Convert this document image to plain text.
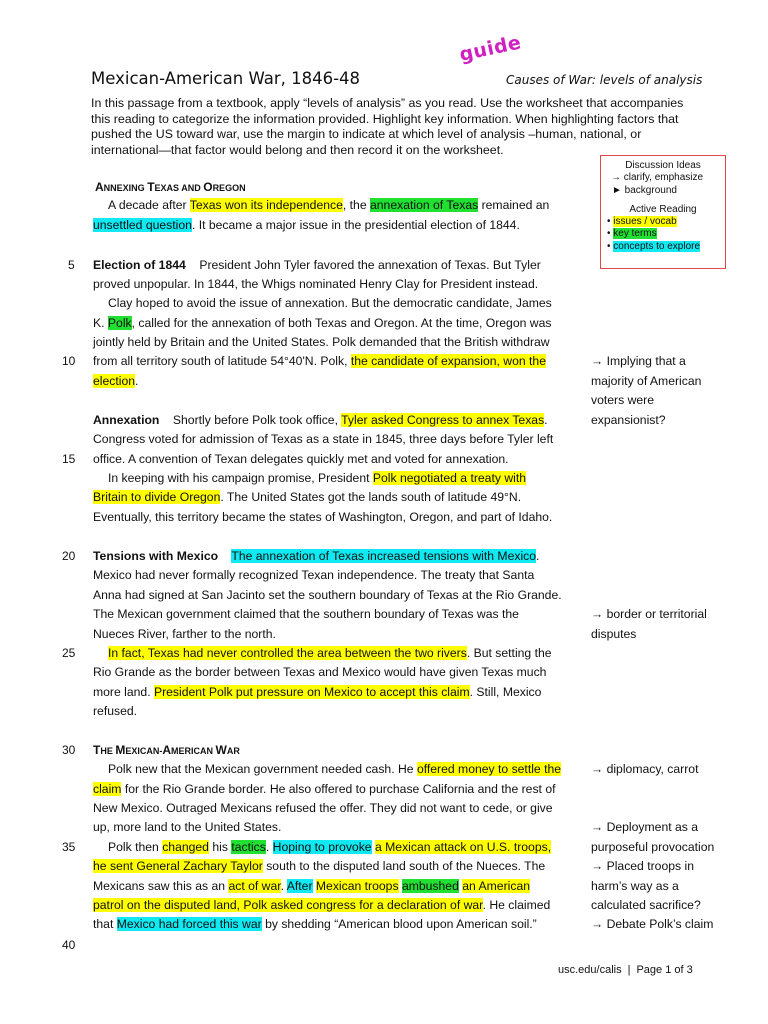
guide
Mexican-American War, 1846-48	Causes of War: levels of analysis

In this passage from a textbook, apply “levels of analysis” as you read. Use the worksheet that accompanies

this reading to categorize the information provided. Highlight key information. When highlighting factors that

pushed the US toward war, use the margin to indicate at which level of analysis –human, national, or

international—that factor would belong and then record it on the worksheet.

Discussion Ideas
→ clarify, emphasize
► background
Active Reading
• issues / vocab
• key terms
• concepts to explore
5
10
15
20
25
30
35
40
ANNEXING TEXAS AND OREGON
A decade after Texas won its independence, the annexation of Texas remained an
unsettled question. It became a major issue in the presidential election of 1844.
Election of 1844    President John Tyler favored the annexation of Texas. But Tyler
proved unpopular. In 1844, the Whigs nominated Henry Clay for President instead.
Clay hoped to avoid the issue of annexation. But the democratic candidate, James
K. Polk, called for the annexation of both Texas and Oregon. At the time, Oregon was
jointly held by Britain and the United States. Polk demanded that the British withdraw
from all territory south of latitude 54°40'N. Polk, the candidate of expansion, won the
election.
Annexation    Shortly before Polk took office, Tyler asked Congress to annex Texas.
Congress voted for admission of Texas as a state in 1845, three days before Tyler left
office. A convention of Texan delegates quickly met and voted for annexation.
In keeping with his campaign promise, President Polk negotiated a treaty with
Britain to divide Oregon. The United States got the lands south of latitude 49°N.
Eventually, this territory became the states of Washington, Oregon, and part of Idaho.
Tensions with Mexico The annexation of Texas increased tensions with Mexico.
Mexico had never formally recognized Texan independence. The treaty that Santa
Anna had signed at San Jacinto set the southern boundary of Texas at the Rio Grande.
The Mexican government claimed that the southern boundary of Texas was the
Nueces River, farther to the north.
In fact, Texas had never controlled the area between the two rivers. But setting the
Rio Grande as the border between Texas and Mexico would have given Texas much
more land. President Polk put pressure on Mexico to accept this claim. Still, Mexico
refused.
THE MEXICAN-AMERICAN WAR
Polk new that the Mexican government needed cash. He offered money to settle the
claim for the Rio Grande border. He also offered to purchase California and the rest of
New Mexico. Outraged Mexicans refused the offer. They did not want to cede, or give
up, more land to the United States.
Polk then changed his tactics. Hoping to provoke a Mexican attack on U.S. troops,
he sent General Zachary Taylor south to the disputed land south of the Nueces. The
Mexicans saw this as an act of war. After Mexican troops ambushed an American
patrol on the disputed land, Polk asked congress for a declaration of war. He claimed
that Mexico had forced this war by shedding “American blood upon American soil.”
→ Implying that a
majority of American
voters were
expansionist?
→ border or territorial
disputes
→ diplomacy, carrot
→ Deployment as a
purposeful provocation
→ Placed troops in
harm’s way as a
calculated sacrifice?
→ Debate Polk’s claim
usc.edu/calis | Page 1 of 3
